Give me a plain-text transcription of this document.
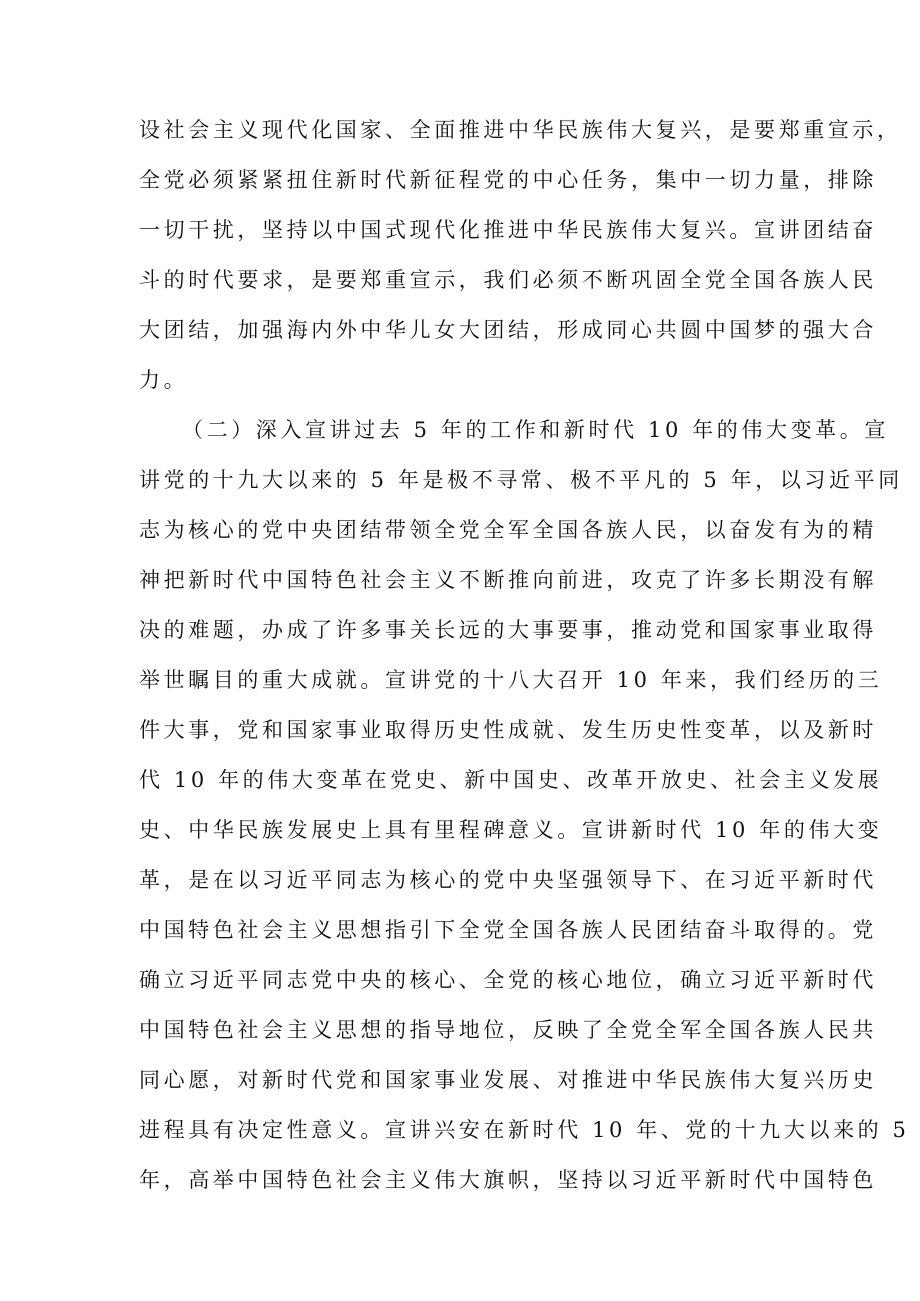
设社会主义现代化国家、全面推进中华民族伟大复兴，是要郑重宣示，
全党必须紧紧扭住新时代新征程党的中心任务，集中一切力量，排除
一切干扰，坚持以中国式现代化推进中华民族伟大复兴。宣讲团结奋
斗的时代要求，是要郑重宣示，我们必须不断巩固全党全国各族人民
大团结，加强海内外中华儿女大团结，形成同心共圆中国梦的强大合
力。
（二）深入宣讲过去 5 年的工作和新时代 10 年的伟大变革。宣
讲党的十九大以来的 5 年是极不寻常、极不平凡的 5 年，以习近平同
志为核心的党中央团结带领全党全军全国各族人民，以奋发有为的精
神把新时代中国特色社会主义不断推向前进，攻克了许多长期没有解
决的难题，办成了许多事关长远的大事要事，推动党和国家事业取得
举世瞩目的重大成就。宣讲党的十八大召开 10 年来，我们经历的三
件大事，党和国家事业取得历史性成就、发生历史性变革，以及新时
代 10 年的伟大变革在党史、新中国史、改革开放史、社会主义发展
史、中华民族发展史上具有里程碑意义。宣讲新时代 10 年的伟大变
革，是在以习近平同志为核心的党中央坚强领导下、在习近平新时代
中国特色社会主义思想指引下全党全国各族人民团结奋斗取得的。党
确立习近平同志党中央的核心、全党的核心地位，确立习近平新时代
中国特色社会主义思想的指导地位，反映了全党全军全国各族人民共
同心愿，对新时代党和国家事业发展、对推进中华民族伟大复兴历史
进程具有决定性意义。宣讲兴安在新时代 10 年、党的十九大以来的 5
年，高举中国特色社会主义伟大旗帜，坚持以习近平新时代中国特色
